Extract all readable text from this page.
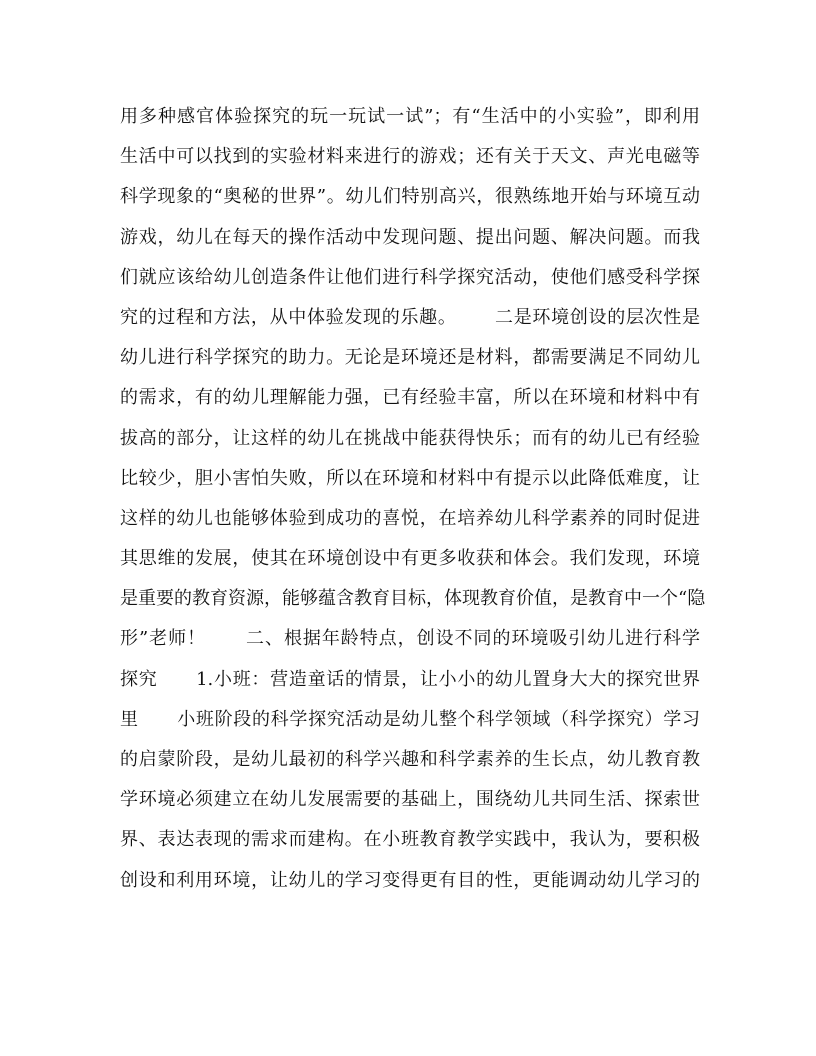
用多种感官体验探究的玩一玩试一试”；有“生活中的小实验”，即利用
生活中可以找到的实验材料来进行的游戏；还有关于天文、声光电磁等
科学现象的“奥秘的世界”。幼儿们特别高兴，很熟练地开始与环境互动
游戏，幼儿在每天的操作活动中发现问题、提出问题、解决问题。而我
们就应该给幼儿创造条件让他们进行科学探究活动，使他们感受科学探
究的过程和方法，从中体验发现的乐趣。      二是环境创设的层次性是
幼儿进行科学探究的助力。无论是环境还是材料，都需要满足不同幼儿
的需求，有的幼儿理解能力强，已有经验丰富，所以在环境和材料中有
拔高的部分，让这样的幼儿在挑战中能获得快乐；而有的幼儿已有经验
比较少，胆小害怕失败，所以在环境和材料中有提示以此降低难度，让
这样的幼儿也能够体验到成功的喜悦，在培养幼儿科学素养的同时促进
其思维的发展，使其在环境创设中有更多收获和体会。我们发现，环境
是重要的教育资源，能够蕴含教育目标，体现教育价值，是教育中一个“隐
形”老师！      二、根据年龄特点，创设不同的环境吸引幼儿进行科学
探究      1.小班：营造童话的情景，让小小的幼儿置身大大的探究世界
里      小班阶段的科学探究活动是幼儿整个科学领域（科学探究）学习
的启蒙阶段，是幼儿最初的科学兴趣和科学素养的生长点，幼儿教育教
学环境必须建立在幼儿发展需要的基础上，围绕幼儿共同生活、探索世
界、表达表现的需求而建构。在小班教育教学实践中，我认为，要积极
创设和利用环境，让幼儿的学习变得更有目的性，更能调动幼儿学习的
